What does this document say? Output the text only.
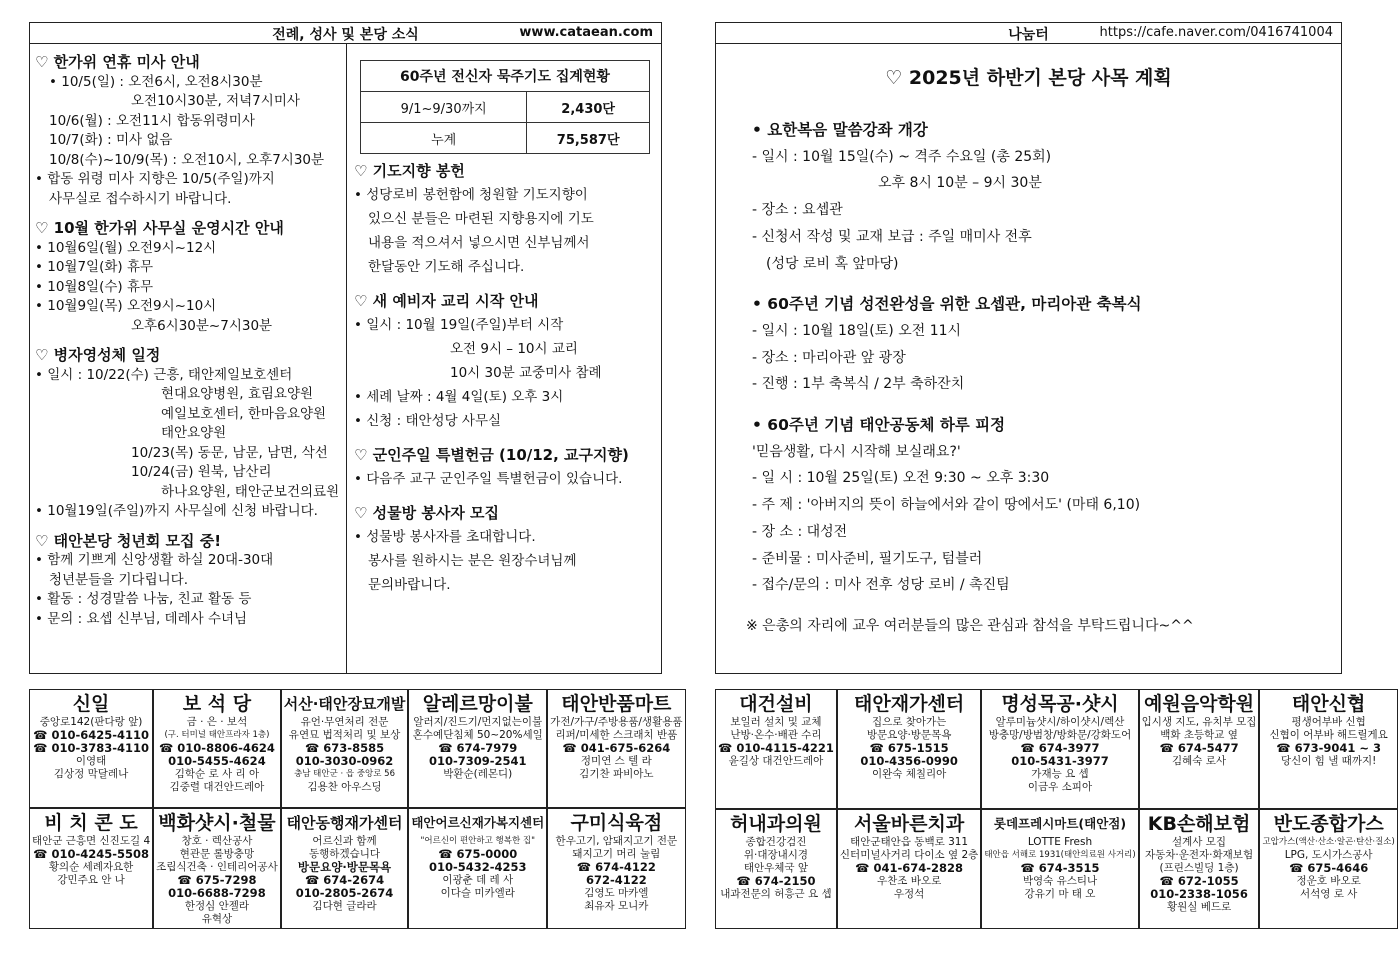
전례, 성사 및 본당 소식	www.cataean.com
♡ 한가위 연휴 미사 안내
• 10/5(일) : 오전6시, 오전8시30분
오전10시30분, 저녁7시미사
10/6(월) : 오전11시 합동위령미사
10/7(화) : 미사 없음
10/8(수)~10/9(목) : 오전10시, 오후7시30분
• 합동 위령 미사 지향은 10/5(주일)까지
사무실로 접수하시기 바랍니다.
♡ 10월 한가위 사무실 운영시간 안내
• 10월6일(월) 오전9시~12시
• 10월7일(화) 휴무
• 10월8일(수) 휴무
• 10월9일(목) 오전9시~10시
오후6시30분~7시30분
♡ 병자영성체 일정
• 일시 : 10/22(수) 근흥, 태안제일보호센터
현대요양병원, 효림요양원
예일보호센터, 한마음요양원
태안요양원
10/23(목) 동문, 남문, 남면, 삭선
10/24(금) 원북, 남산리
하나요양원, 태안군보건의료원
• 10월19일(주일)까지 사무실에 신청 바랍니다.
♡ 태안본당 청년회 모집 중!
• 함께 기쁘게 신앙생활 하실 20대-30대
청년분들을 기다립니다.
• 활동 : 성경말씀 나눔, 친교 활동 등
• 문의 : 요셉 신부님, 데레사 수녀님
60주년 전신자 묵주기도 집계현황	
9/1~9/30까지	2,430단
누계	75,587단
♡ 기도지향 봉헌
• 성당로비 봉헌함에 청원할 기도지향이
있으신 분들은 마련된 지향용지에 기도
내용을 적으셔서 넣으시면 신부님께서
한달동안 기도해 주십니다.
♡ 새 예비자 교리 시작 안내
• 일시 : 10월 19일(주일)부터 시작
오전 9시 – 10시 교리
10시 30분 교중미사 참례
• 세례 날짜 : 4월 4일(토) 오후 3시
• 신청 : 태안성당 사무실
♡ 군인주일 특별헌금 (10/12, 교구지향)
• 다음주 교구 군인주일 특별헌금이 있습니다.
♡ 성물방 봉사자 모집
• 성물방 봉사자를 초대합니다.
봉사를 원하시는 분은 원장수녀님께
문의바랍니다.
나눔터	https://cafe.naver.com/0416741004
♡ 2025년 하반기 본당 사목 계획
• 요한복음 말씀강좌 개강
- 일시 : 10월 15일(수) ~ 격주 수요일 (총 25회)
오후 8시 10분 – 9시 30분
- 장소 : 요셉관
- 신청서 작성 및 교재 보급 : 주일 매미사 전후
(성당 로비 혹 앞마당)
• 60주년 기념 성전완성을 위한 요셉관, 마리아관 축복식
- 일시 : 10월 18일(토) 오전 11시
- 장소 : 마리아관 앞 광장
- 진행 : 1부 축복식 / 2부 축하잔치
• 60주년 기념 태안공동체 하루 피정
'믿음생활, 다시 시작해 보실래요?'
- 일 시 : 10월 25일(토) 오전 9:30 ~ 오후 3:30
- 주 제 : '아버지의 뜻이 하늘에서와 같이 땅에서도' (마태 6,10)
- 장 소 : 대성전
- 준비물 : 미사준비, 필기도구, 텀블러
- 접수/문의 : 미사 전후 성당 로비 / 촉진팀
※ 은총의 자리에 교우 여러분들의 많은 관심과 참석을 부탁드립니다~^^
신일
중앙로142(판다랑 앞)
☎ 010-6425-4110
☎ 010-3783-4110
이영태
김상정 막달레나
보 석 당
금 · 은 · 보석
(구. 터미널 태안프라자 1층)
☎ 010-8806-4624
010-5455-4624
김학순 로 사 리 아
김중렬 대건안드레아
서산·태안장묘개발
유언·무연처리 전문
유연묘 법적처리 및 보상
☎ 673-8585
010-3030-0962
충남 태안군 · 읍 중앙로 56
김용찬 아우스딩
알레르망이불
알러지/진드기/먼지없는이불
혼수예단침체 50~20%세일
☎ 674-7979
010-7309-2541
박환순(레몬디)
태안반품마트
가전/가구/주방용품/생활용품
리퍼/미세한 스크래치 반품
☎ 041-675-6264
정미연 스 텔 라
김기찬 파비아노
비 치 콘 도
태안군 근흥면 신진도길 4
☎ 010-4245-5508
황의순 세례자요한
강민주요 안 나
백화샷시·철물
창호 · 렉산공사
현관문 롤방충망
조립식건축 · 인테리어공사
☎ 675-7298
010-6688-7298
한정심 안젤라
유혁상
태안동행재가센터
어르신과 함께
동행하겠습니다
방문요양·방문목욕
☎ 674-2674
010-2805-2674
김다현 글라라
태안어르신재가복지센터
"어르신이 편안하고 행복한 집"
☎ 675-0000
010-5432-4253
이광춘 데 레 사
이다슬 미카엘라
구미식육점
한우고기, 암돼지고기 전문
돼지고기 머리 눌림
☎ 674-4122
672-4122
김영도 마카엘
최유자 모니카
대건설비
보일러 설치 및 교체
난방·온수·배관 수리
☎ 010-4115-4221
윤길상 대건안드레아
태안재가센터
집으로 찾아가는
방문요양·방문목욕
☎ 675-1515
010-4356-0990
이완숙 체칠리아
명성목공·샷시
알루미늄샷시/하이샷시/렉산
방충망/방범창/방화문/강화도어
☎ 674-3977
010-5431-3977
가재능 요 셉
이금우 소피아
예원음악학원
입시생 지도, 유치부 모집
백화 초등학교 옆
☎ 674-5477
김혜숙 로사
태안신협
평생어부바 신협
신협이 어부바 해드릴게요
☎ 673-9041 ~ 3
당신이 힘 낼 때까지!
허내과의원
종합건강검진
위·대장내시경
태안우체국 앞
☎ 674-2150
내과전문의 허흥근 요 셉
서울바른치과
태안군태안읍 동백로 311
신터미널사거리 다이소 옆 2층
☎ 041-674-2828
우찬조 바오로
우정석
롯데프레시마트(태안점)
LOTTE Fresh
태안읍 서해로 1931(태안의료원 사거리)
☎ 674-3515
박영숙 유스티나
강유기 마 태 오
KB손해보험
설계사 모집
자동차·운전자·화재보험
(프린스빌딩 1층)
☎ 672-1055
010-2338-1056
황원실 베드로
반도종합가스
고압가스(액산·산소·알곤·탄산·질소)
LPG, 도시가스공사
☎ 675-4646
정운호 바오로
서석영 로 사
